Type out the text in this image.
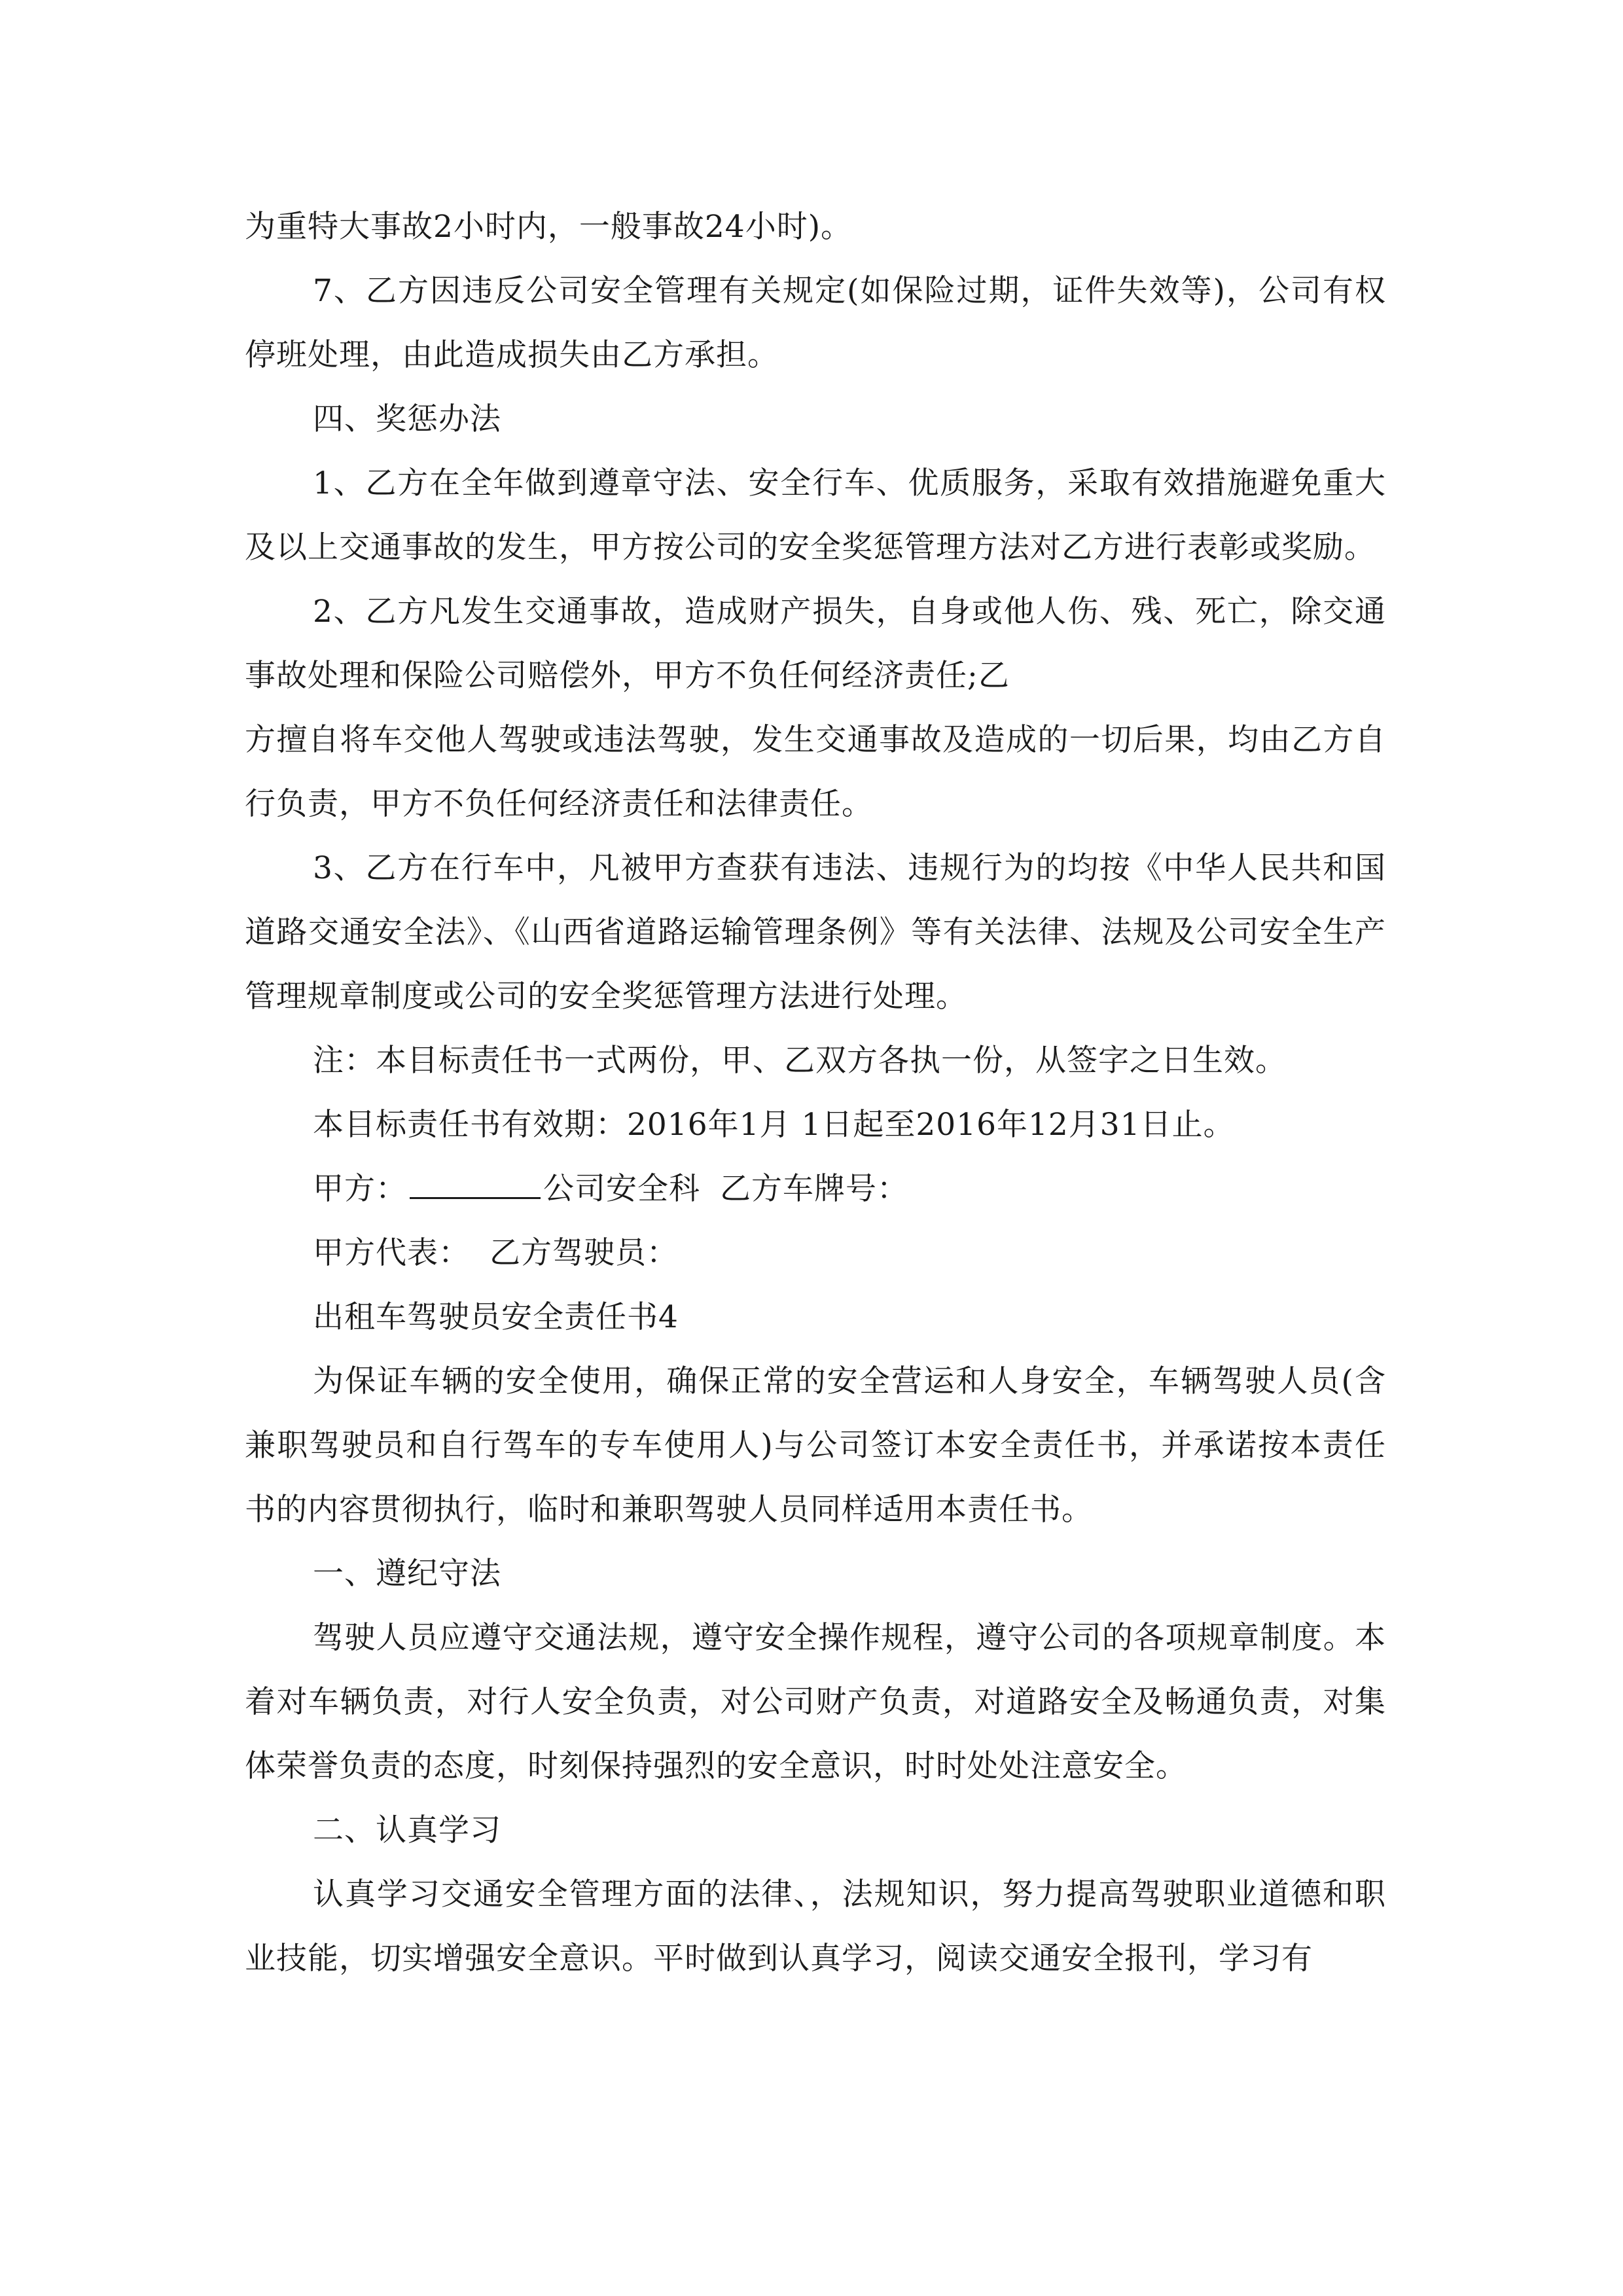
为重特大事故2小时内，一般事故24小时)。

7、乙方因违反公司安全管理有关规定(如保险过期，证件失效等)，公司有权停班处理，由此造成损失由乙方承担。

四、奖惩办法

1、乙方在全年做到遵章守法、安全行车、优质服务，采取有效措施避免重大及以上交通事故的发生，甲方按公司的安全奖惩管理方法对乙方进行表彰或奖励。

2、乙方凡发生交通事故，造成财产损失，自身或他人伤、残、死亡，除交通事故处理和保险公司赔偿外，甲方不负任何经济责任;乙

方擅自将车交他人驾驶或违法驾驶，发生交通事故及造成的一切后果，均由乙方自行负责，甲方不负任何经济责任和法律责任。

3、乙方在行车中，凡被甲方查获有违法、违规行为的均按《中华人民共和国道路交通安全法》、《山西省道路运输管理条例》等有关法律、法规及公司安全生产管理规章制度或公司的安全奖惩管理方法进行处理。

注：本目标责任书一式两份，甲、乙双方各执一份，从签字之日生效。

本目标责任书有效期：2016年1月 1日起至2016年12月31日止。

甲方：	公司安全科 乙方车牌号：

甲方代表： 乙方驾驶员：

出租车驾驶员安全责任书4

为保证车辆的安全使用，确保正常的安全营运和人身安全，车辆驾驶人员(含兼职驾驶员和自行驾车的专车使用人)与公司签订本安全责任书，并承诺按本责任书的内容贯彻执行，临时和兼职驾驶人员同样适用本责任书。

一、遵纪守法

驾驶人员应遵守交通法规，遵守安全操作规程，遵守公司的各项规章制度。本着对车辆负责，对行人安全负责，对公司财产负责，对道路安全及畅通负责，对集体荣誉负责的态度，时刻保持强烈的安全意识，时时处处注意安全。

二、认真学习

认真学习交通安全管理方面的法律、，法规知识，努力提高驾驶职业道德和职业技能，切实增强安全意识。平时做到认真学习，阅读交通安全报刊，学习有
